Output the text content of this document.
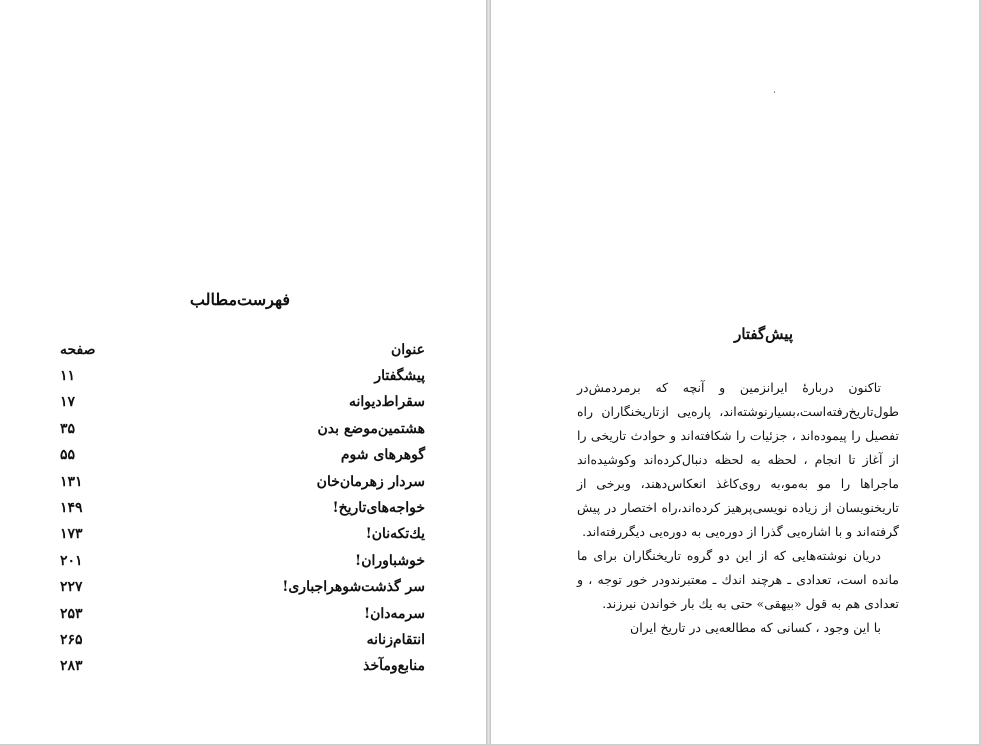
فهرست‌مطالب
عنوان
صفحه
پیشگفتار
۱۱
سقراط‌دیوانه
۱۷
هشتمین‌موضع بدن
۳۵
گوهرهای شوم
۵۵
سردار زهرمان‌خان
۱۳۱
خواجه‌های‌تاریخ!
۱۴۹
یك‌تکه‌نان!
۱۷۳
خوشباوران!
۲۰۱
سر گذشت‌شوهراجباری!
۲۲۷
سرمه‌دان!
۲۵۳
انتقام‌زنانه
۲۶۵
منابع‌ومآخذ
۲۸۳
،
پیش‌گفتار

تاکنون دربارهٔ ایرانزمین و آنچه که برمردمش‌در طول‌تاریخ‌رفته‌است،بسیارنوشته‌اند، پاره‌یی ازتاریخنگاران راه تفصیل را پیموده‌اند ، جزئیات را شکافته‌اند و حوادث تاریخی را از آغاز تا انجام ، لحظه به لحظه دنبال‌کرده‌اند وکوشیده‌اند ماجراها را مو به‌مو،به روی‌کاغذ انعکاس‌دهند، وبرخی از تاریخنویسان از زیاده نویسی‌پرهیز کرده‌اند،راه اختصار در پیش گرفته‌اند و با اشاره‌یی گذرا از دوره‌یی به دوره‌یی دیگررفته‌اند.

دریان نوشته‌هایی که از این دو گروه تاریخنگاران برای ما مانده است، تعدادی ـ هرچند اندك ـ معتبرند‌ودر خور توجه ، و تعدادی هم به قول «بیهقی» حتی به یك بار خواندن نیرزند.

با این وجود ، کسانی که مطالعه‌یی در تاریخ ایران
